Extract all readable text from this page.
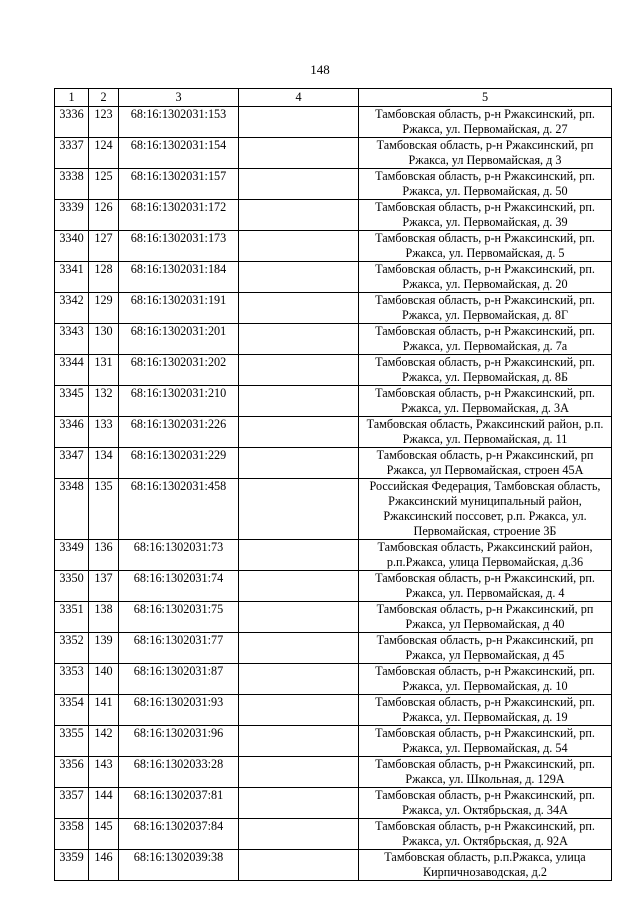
148
1	2	3	4	5
3336	123	68:16:1302031:153		Тамбовская область, р-н Ржаксинский, рп.
Ржакса, ул. Первомайская, д. 27

3337	124	68:16:1302031:154		Тамбовская область, р-н Ржаксинский, рп
Ржакса, ул Первомайская, д 3

3338	125	68:16:1302031:157		Тамбовская область, р-н Ржаксинский, рп.
Ржакса, ул. Первомайская, д. 50

3339	126	68:16:1302031:172		Тамбовская область, р-н Ржаксинский, рп.
Ржакса, ул. Первомайская, д. 39

3340	127	68:16:1302031:173		Тамбовская область, р-н Ржаксинский, рп.
Ржакса, ул. Первомайская, д. 5

3341	128	68:16:1302031:184		Тамбовская область, р-н Ржаксинский, рп.
Ржакса, ул. Первомайская, д. 20

3342	129	68:16:1302031:191		Тамбовская область, р-н Ржаксинский, рп.
Ржакса, ул. Первомайская, д. 8Г

3343	130	68:16:1302031:201		Тамбовская область, р-н Ржаксинский, рп.
Ржакса, ул. Первомайская, д. 7а

3344	131	68:16:1302031:202		Тамбовская область, р-н Ржаксинский, рп.
Ржакса, ул. Первомайская, д. 8Б

3345	132	68:16:1302031:210		Тамбовская область, р-н Ржаксинский, рп.
Ржакса, ул. Первомайская, д. 3А

3346	133	68:16:1302031:226		Тамбовская область, Ржаксинский район, р.п.
Ржакса, ул. Первомайская, д. 11

3347	134	68:16:1302031:229		Тамбовская область, р-н Ржаксинский, рп
Ржакса, ул Первомайская, строен 45А

3348	135	68:16:1302031:458		Российская Федерация, Тамбовская область,
Ржаксинский муниципальный район,
Ржаксинский поссовет, р.п. Ржакса, ул.
Первомайская, строение 3Б

3349	136	68:16:1302031:73		Тамбовская область, Ржаксинский район,
р.п.Ржакса, улица Первомайская, д.36

3350	137	68:16:1302031:74		Тамбовская область, р-н Ржаксинский, рп.
Ржакса, ул. Первомайская, д. 4

3351	138	68:16:1302031:75		Тамбовская область, р-н Ржаксинский, рп
Ржакса, ул Первомайская, д 40

3352	139	68:16:1302031:77		Тамбовская область, р-н Ржаксинский, рп
Ржакса, ул Первомайская, д 45

3353	140	68:16:1302031:87		Тамбовская область, р-н Ржаксинский, рп.
Ржакса, ул. Первомайская, д. 10

3354	141	68:16:1302031:93		Тамбовская область, р-н Ржаксинский, рп.
Ржакса, ул. Первомайская, д. 19

3355	142	68:16:1302031:96		Тамбовская область, р-н Ржаксинский, рп.
Ржакса, ул. Первомайская, д. 54

3356	143	68:16:1302033:28		Тамбовская область, р-н Ржаксинский, рп.
Ржакса, ул. Школьная, д. 129А

3357	144	68:16:1302037:81		Тамбовская область, р-н Ржаксинский, рп.
Ржакса, ул. Октябрьская, д. 34А

3358	145	68:16:1302037:84		Тамбовская область, р-н Ржаксинский, рп.
Ржакса, ул. Октябрьская, д. 92А

3359	146	68:16:1302039:38		Тамбовская область, р.п.Ржакса, улица
Кирпичнозаводская, д.2
